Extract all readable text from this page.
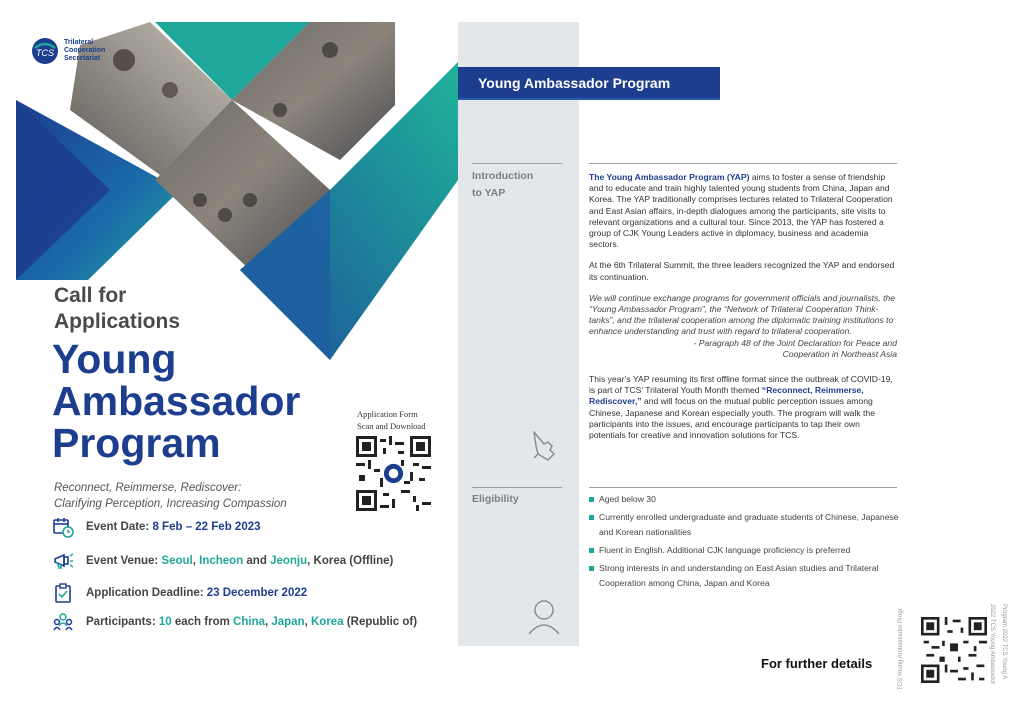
TCS
Trilateral
Cooperation
Secretariat
Call for
Applications
Young
Ambassador
Program
Reconnect, Reimmerse, Rediscover:
Clarifying Perception, Increasing Compassion
Application Form
Scan and Download
Event Date: 8 Feb – 22 Feb 2023
Event Venue: Seoul, Incheon and Jeonju, Korea (Offline)
Application Deadline: 23 December 2022
Participants: 10 each from China, Japan, Korea (Republic of)
Young Ambassador Program
Introduction
to YAP

The Young Ambassador Program (YAP) aims to foster a sense of friendship and to educate and train highly talented young students from China, Japan and Korea. The YAP traditionally comprises lectures related to Trilateral Cooperation and East Asian affairs, in-depth dialogues among the participants, site visits to relevant organizations and a cultural tour. Since 2013, the YAP has fostered a group of CJK Young Leaders active in diplomacy, business and academia sectors.

At the 6th Trilateral Summit, the three leaders recognized the YAP and endorsed its continuation.

We will continue exchange programs for government officials and journalists, the “Young Ambassador Program”, the “Network of Trilateral Cooperation Think-tanks”, and the trilateral cooperation among the diplomatic training institutions to enhance understanding and trust with regard to trilateral cooperation.

- Paragraph 48 of the Joint Declaration for Peace and
Cooperation in Northeast Asia

This year’s YAP resuming its first offline format since the outbreak of COVID-19, is part of TCS’ Trilateral Youth Month themed “Reconnect, Reimmerse, Rediscover,” and will focus on the mutual public perception issues among Chinese, Japanese and Korean especially youth. The program will walk the participants into the issues, and encourage participants to tap their own potentials for creative and innovation solutions for TCS.

Eligibility	Aged below 30
Currently enrolled undergraduate and graduate students of Chinese, Japanese and Korean nationalities
Fluent in English. Additional CJK language proficiency is preferred
Strong interests in and understanding on East Asian studies and Trilateral Cooperation among China, Japan and Korea
For further details	TCS Young Ambassador Progr	2022 TCS Young Ambassador Program 2022 TCS Young A
